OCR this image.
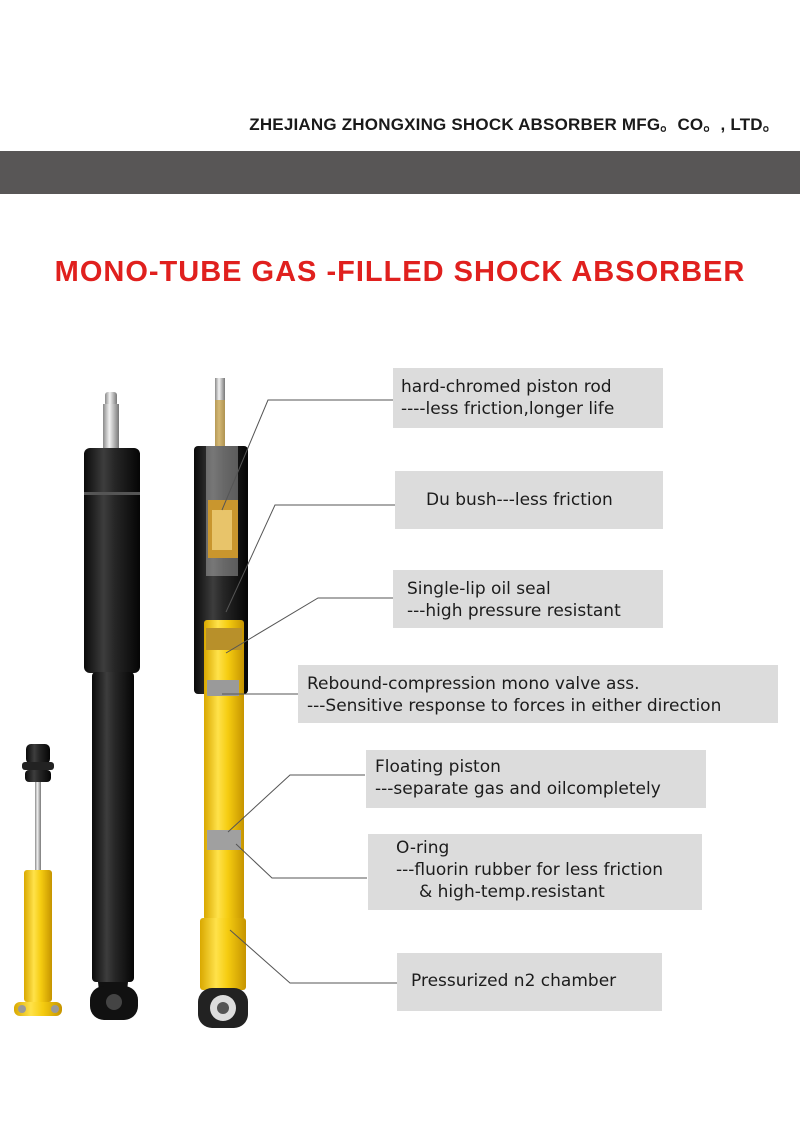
ZHEJIANG ZHONGXING SHOCK ABSORBER MFG。CO。, LTD。
MONO-TUBE GAS -FILLED SHOCK ABSORBER
hard-chromed piston rod
----less friction,longer life
Du bush---less friction
Single-lip oil seal
---high pressure resistant
Rebound-compression mono valve ass.
---Sensitive response to forces in either direction
Floating piston
---separate gas and oilcompletely
O-ring
---fluorin rubber for less friction
& high-temp.resistant
Pressurized n2 chamber
